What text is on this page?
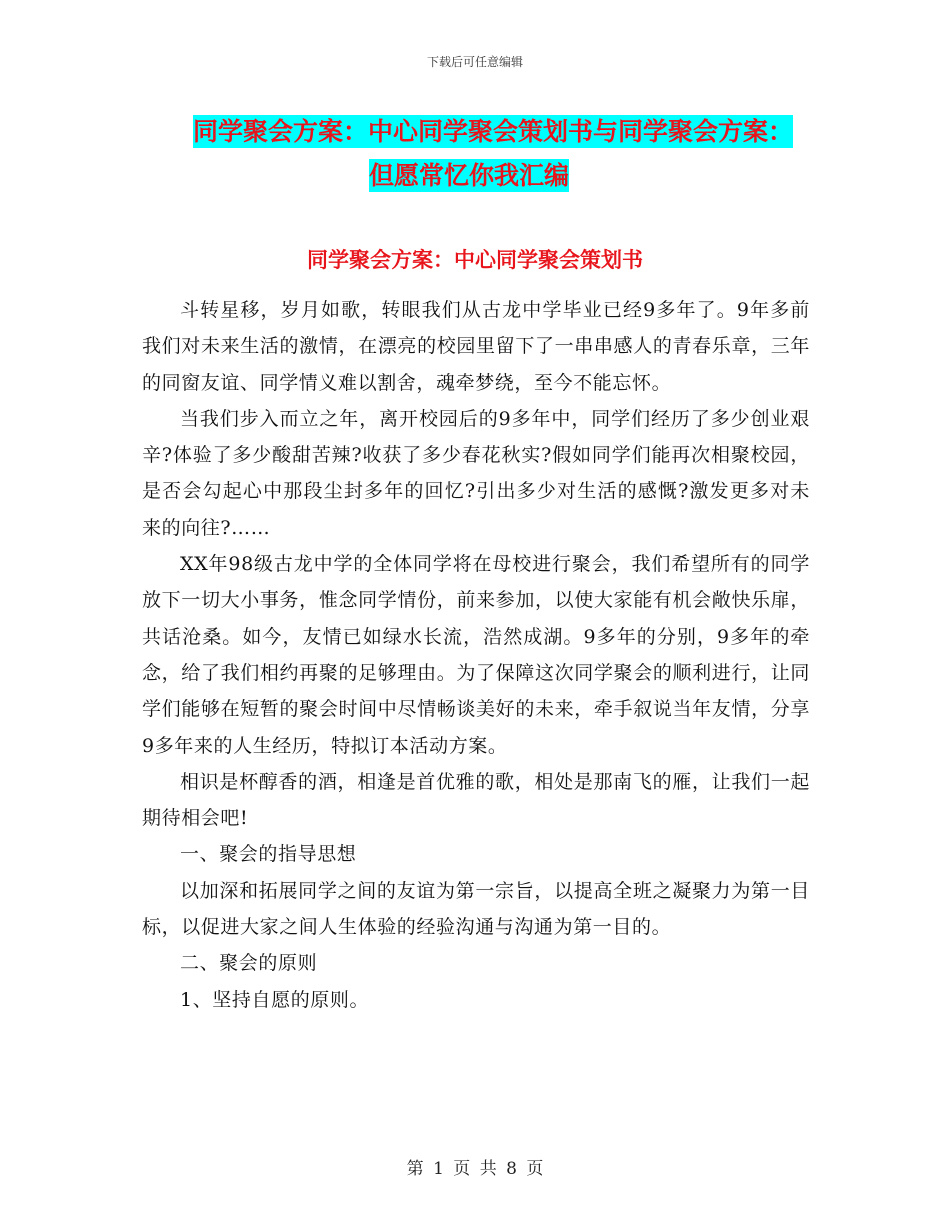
下载后可任意编辑
同学聚会方案：中心同学聚会策划书与同学聚会方案：
但愿常忆你我汇编
同学聚会方案：中心同学聚会策划书

斗转星移，岁月如歌，转眼我们从古龙中学毕业已经9多年了。9年多前我们对未来生活的激情，在漂亮的校园里留下了一串串感人的青春乐章，三年的同窗友谊、同学情义难以割舍，魂牵梦绕，至今不能忘怀。

当我们步入而立之年，离开校园后的9多年中，同学们经历了多少创业艰辛?体验了多少酸甜苦辣?收获了多少春花秋实?假如同学们能再次相聚校园，是否会勾起心中那段尘封多年的回忆?引出多少对生活的感慨?激发更多对未来的向往?……

XX年98级古龙中学的全体同学将在母校进行聚会，我们希望所有的同学放下一切大小事务，惟念同学情份，前来参加，以使大家能有机会敞快乐扉，共话沧桑。如今，友情已如绿水长流，浩然成湖。9多年的分别，9多年的牵念，给了我们相约再聚的足够理由。为了保障这次同学聚会的顺利进行，让同学们能够在短暂的聚会时间中尽情畅谈美好的未来，牵手叙说当年友情，分享9多年来的人生经历，特拟订本活动方案。

相识是杯醇香的酒，相逢是首优雅的歌，相处是那南飞的雁，让我们一起期待相会吧!

一、聚会的指导思想

以加深和拓展同学之间的友谊为第一宗旨，以提高全班之凝聚力为第一目标，以促进大家之间人生体验的经验沟通与沟通为第一目的。

二、聚会的原则

1、坚持自愿的原则。

第 1 页 共 8 页
